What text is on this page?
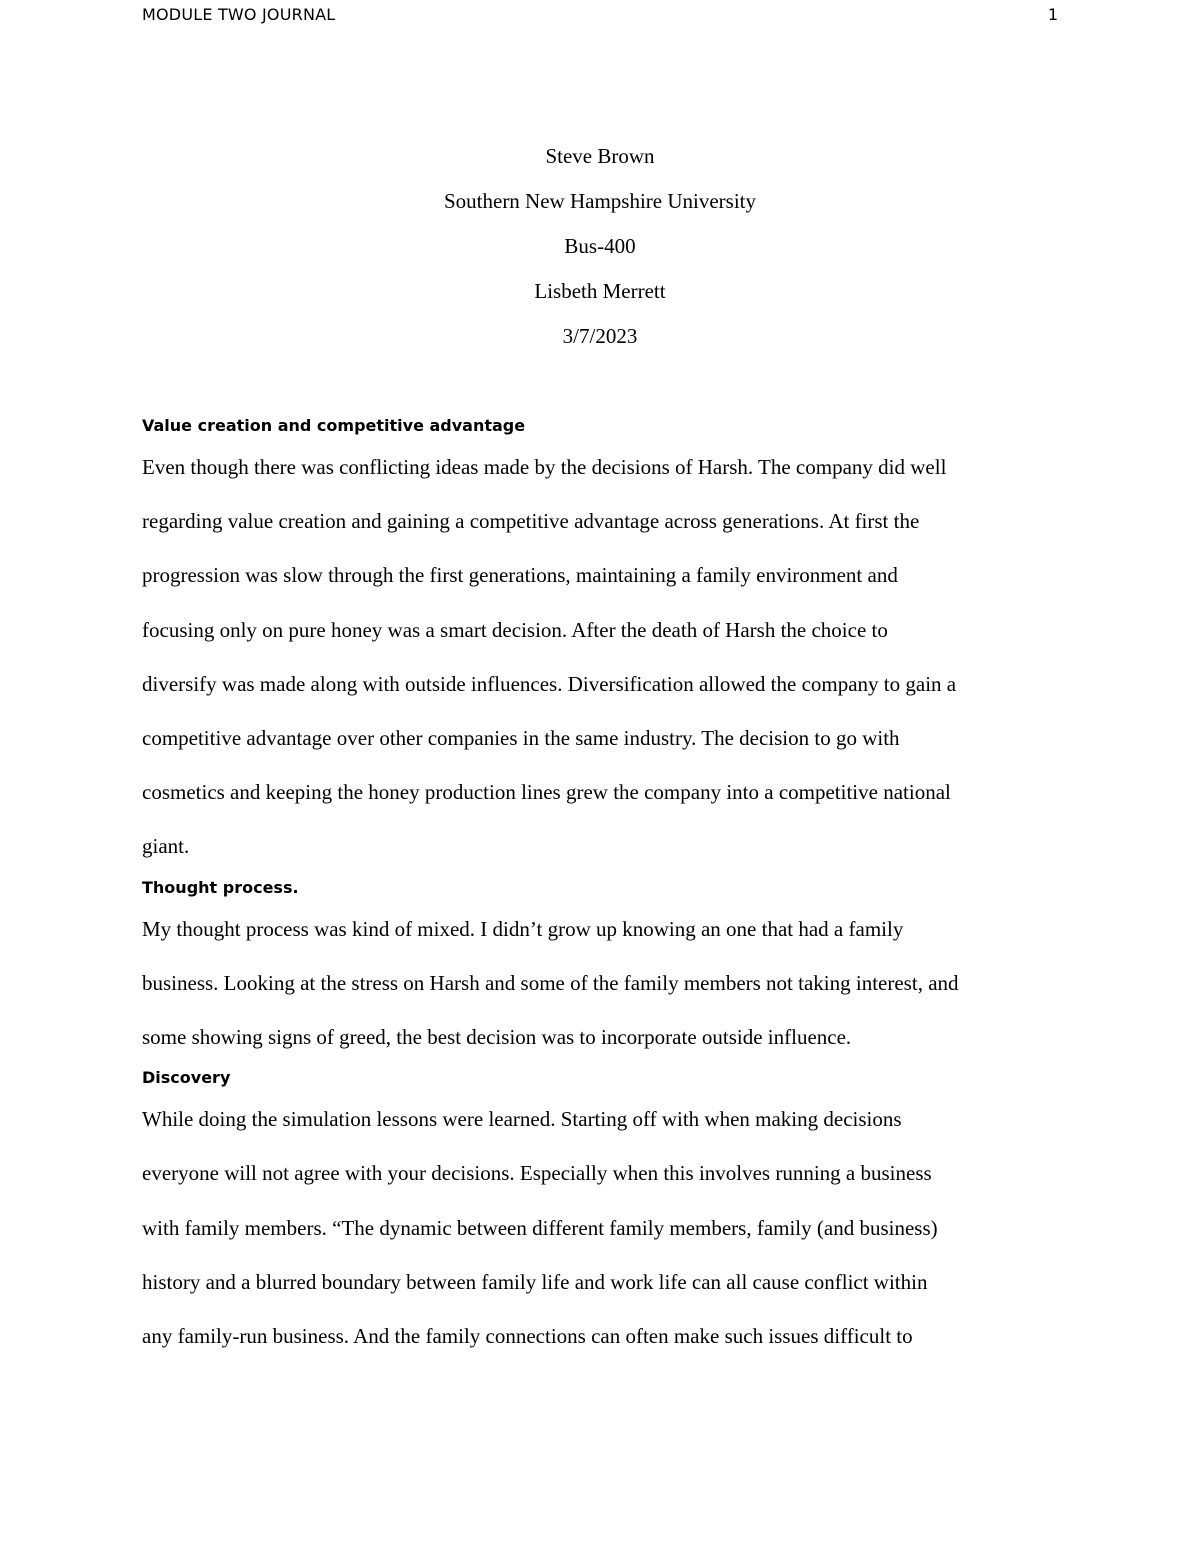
MODULE TWO JOURNAL	1
Steve Brown
Southern New Hampshire University
Bus-400
Lisbeth Merrett
3/7/2023
Value creation and competitive advantage

Even though there was conflicting ideas made by the decisions of Harsh. The company did well
regarding value creation and gaining a competitive advantage across generations. At first the
progression was slow through the first generations, maintaining a family environment and
focusing only on pure honey was a smart decision. After the death of Harsh the choice to
diversify was made along with outside influences. Diversification allowed the company to gain a
competitive advantage over other companies in the same industry. The decision to go with
cosmetics and keeping the honey production lines grew the company into a competitive national
giant.

Thought process.

My thought process was kind of mixed. I didn’t grow up knowing an one that had a family
business. Looking at the stress on Harsh and some of the family members not taking interest, and
some showing signs of greed, the best decision was to incorporate outside influence.

Discovery

While doing the simulation lessons were learned. Starting off with when making decisions
everyone will not agree with your decisions. Especially when this involves running a business
with family members. “The dynamic between different family members, family (and business)
history and a blurred boundary between family life and work life can all cause conflict within
any family-run business. And the family connections can often make such issues difficult to
